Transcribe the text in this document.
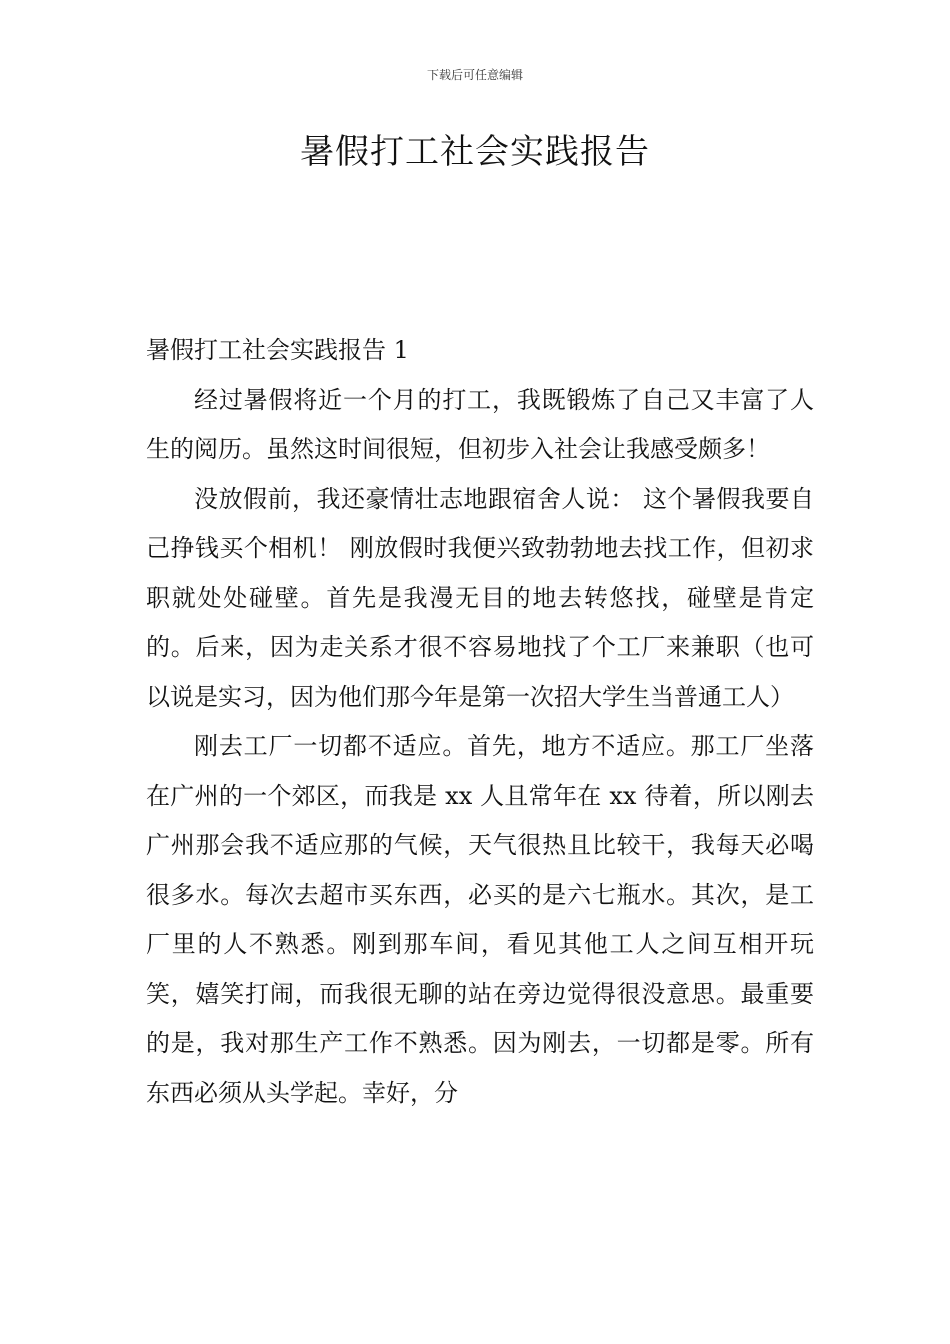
下载后可任意编辑
暑假打工社会实践报告

暑假打工社会实践报告 1

经过暑假将近一个月的打工，我既锻炼了自己又丰富了人生的阅历。虽然这时间很短，但初步入社会让我感受颇多！

没放假前，我还豪情壮志地跟宿舍人说： 这个暑假我要自己挣钱买个相机！ 刚放假时我便兴致勃勃地去找工作，但初求职就处处碰壁。首先是我漫无目的地去转悠找，碰壁是肯定的。后来，因为走关系才很不容易地找了个工厂来兼职（也可以说是实习，因为他们那今年是第一次招大学生当普通工人）

刚去工厂一切都不适应。首先，地方不适应。那工厂坐落在广州的一个郊区，而我是 xx 人且常年在 xx 待着，所以刚去广州那会我不适应那的气候，天气很热且比较干，我每天必喝很多水。每次去超市买东西，必买的是六七瓶水。其次，是工厂里的人不熟悉。刚到那车间，看见其他工人之间互相开玩笑，嬉笑打闹，而我很无聊的站在旁边觉得很没意思。最重要的是，我对那生产工作不熟悉。因为刚去，一切都是零。所有东西必须从头学起。幸好，分
